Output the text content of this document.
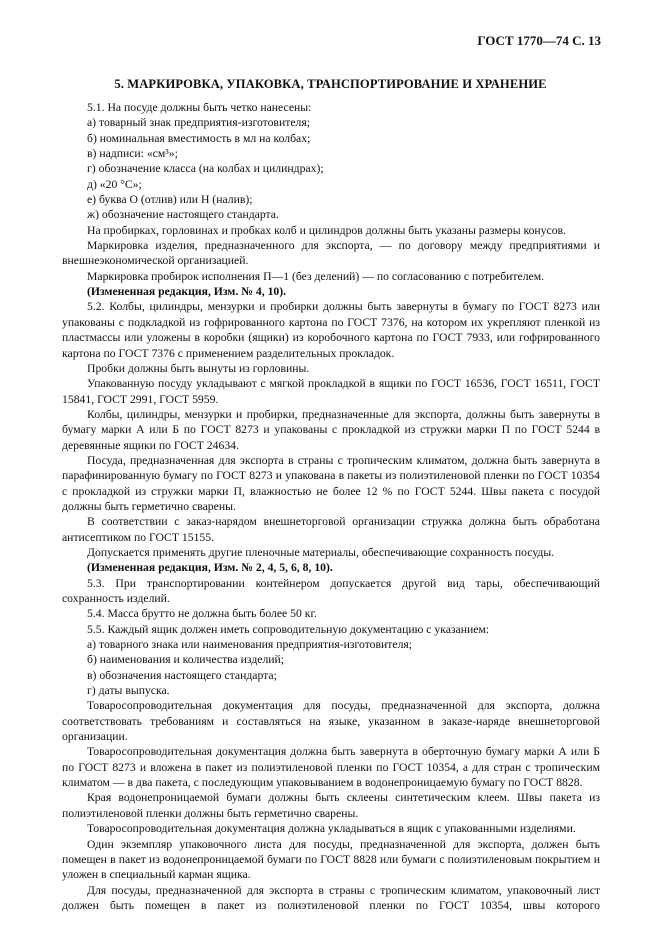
ГОСТ 1770—74 С. 13
5. МАРКИРОВКА, УПАКОВКА, ТРАНСПОРТИРОВАНИЕ И ХРАНЕНИЕ

5.1. На посуде должны быть четко нанесены:

а) товарный знак предприятия-изготовителя;

б) номинальная вместимость в мл на колбах;

в) надписи: «см³»;

г) обозначение класса (на колбах и цилиндрах);

д) «20 °С»;

е) буква О (отлив) или Н (налив);

ж) обозначение настоящего стандарта.

На пробирках, горловинах и пробках колб и цилиндров должны быть указаны размеры конусов.

Маркировка изделия, предназначенного для экспорта, — по договору между предприятиями и внешнеэкономической организацией.

Маркировка пробирок исполнения П—1 (без делений) — по согласованию с потребителем.

(Измененная редакция, Изм. № 4, 10).

5.2. Колбы, цилиндры, мензурки и пробирки должны быть завернуты в бумагу по ГОСТ 8273 или упакованы с подкладкой из гофрированного картона по ГОСТ 7376, на котором их укрепляют пленкой из пластмассы или уложены в коробки (ящики) из коробочного картона по ГОСТ 7933, или гофрированного картона по ГОСТ 7376 с применением разделительных прокладок.

Пробки должны быть вынуты из горловины.

Упакованную посуду укладывают с мягкой прокладкой в ящики по ГОСТ 16536, ГОСТ 16511, ГОСТ 15841, ГОСТ 2991, ГОСТ 5959.

Колбы, цилиндры, мензурки и пробирки, предназначенные для экспорта, должны быть завернуты в бумагу марки А или Б по ГОСТ 8273 и упакованы с прокладкой из стружки марки П по ГОСТ 5244 в деревянные ящики по ГОСТ 24634.

Посуда, предназначенная для экспорта в страны с тропическим климатом, должна быть завернута в парафинированную бумагу по ГОСТ 8273 и упакована в пакеты из полиэтиленовой пленки по ГОСТ 10354 с прокладкой из стружки марки П, влажностью не более 12 % по ГОСТ 5244. Швы пакета с посудой должны быть герметично сварены.

В соответствии с заказ-нарядом внешнеторговой организации стружка должна быть обработана антисептиком по ГОСТ 15155.

Допускается применять другие пленочные материалы, обеспечивающие сохранность посуды.

(Измененная редакция, Изм. № 2, 4, 5, 6, 8, 10).

5.3. При транспортировании контейнером допускается другой вид тары, обеспечивающий сохранность изделий.

5.4. Масса брутто не должна быть более 50 кг.

5.5. Каждый ящик должен иметь сопроводительную документацию с указанием:

а) товарного знака или наименования предприятия-изготовителя;

б) наименования и количества изделий;

в) обозначения настоящего стандарта;

г) даты выпуска.

Товаросопроводительная документация для посуды, предназначенной для экспорта, должна соответствовать требованиям и составляться на языке, указанном в заказе-наряде внешнеторговой организации.

Товаросопроводительная документация должна быть завернута в оберточную бумагу марки А или Б по ГОСТ 8273 и вложена в пакет из полиэтиленовой пленки по ГОСТ 10354, а для стран с тропическим климатом — в два пакета, с последующим упаковыванием в водонепроницаемую бумагу по ГОСТ 8828.

Края водонепроницаемой бумаги должны быть склеены синтетическим клеем. Швы пакета из полиэтиленовой пленки должны быть герметично сварены.

Товаросопроводительная документация должна укладываться в ящик с упакованными изделиями.

Один экземпляр упаковочного листа для посуды, предназначенной для экспорта, должен быть помещен в пакет из водонепроницаемой бумаги по ГОСТ 8828 или бумаги с полиэтиленовым покрытием и уложен в специальный карман ящика.

Для посуды, предназначенной для экспорта в страны с тропическим климатом, упаковочный лист должен быть помещен в пакет из полиэтиленовой пленки по ГОСТ 10354, швы которого
